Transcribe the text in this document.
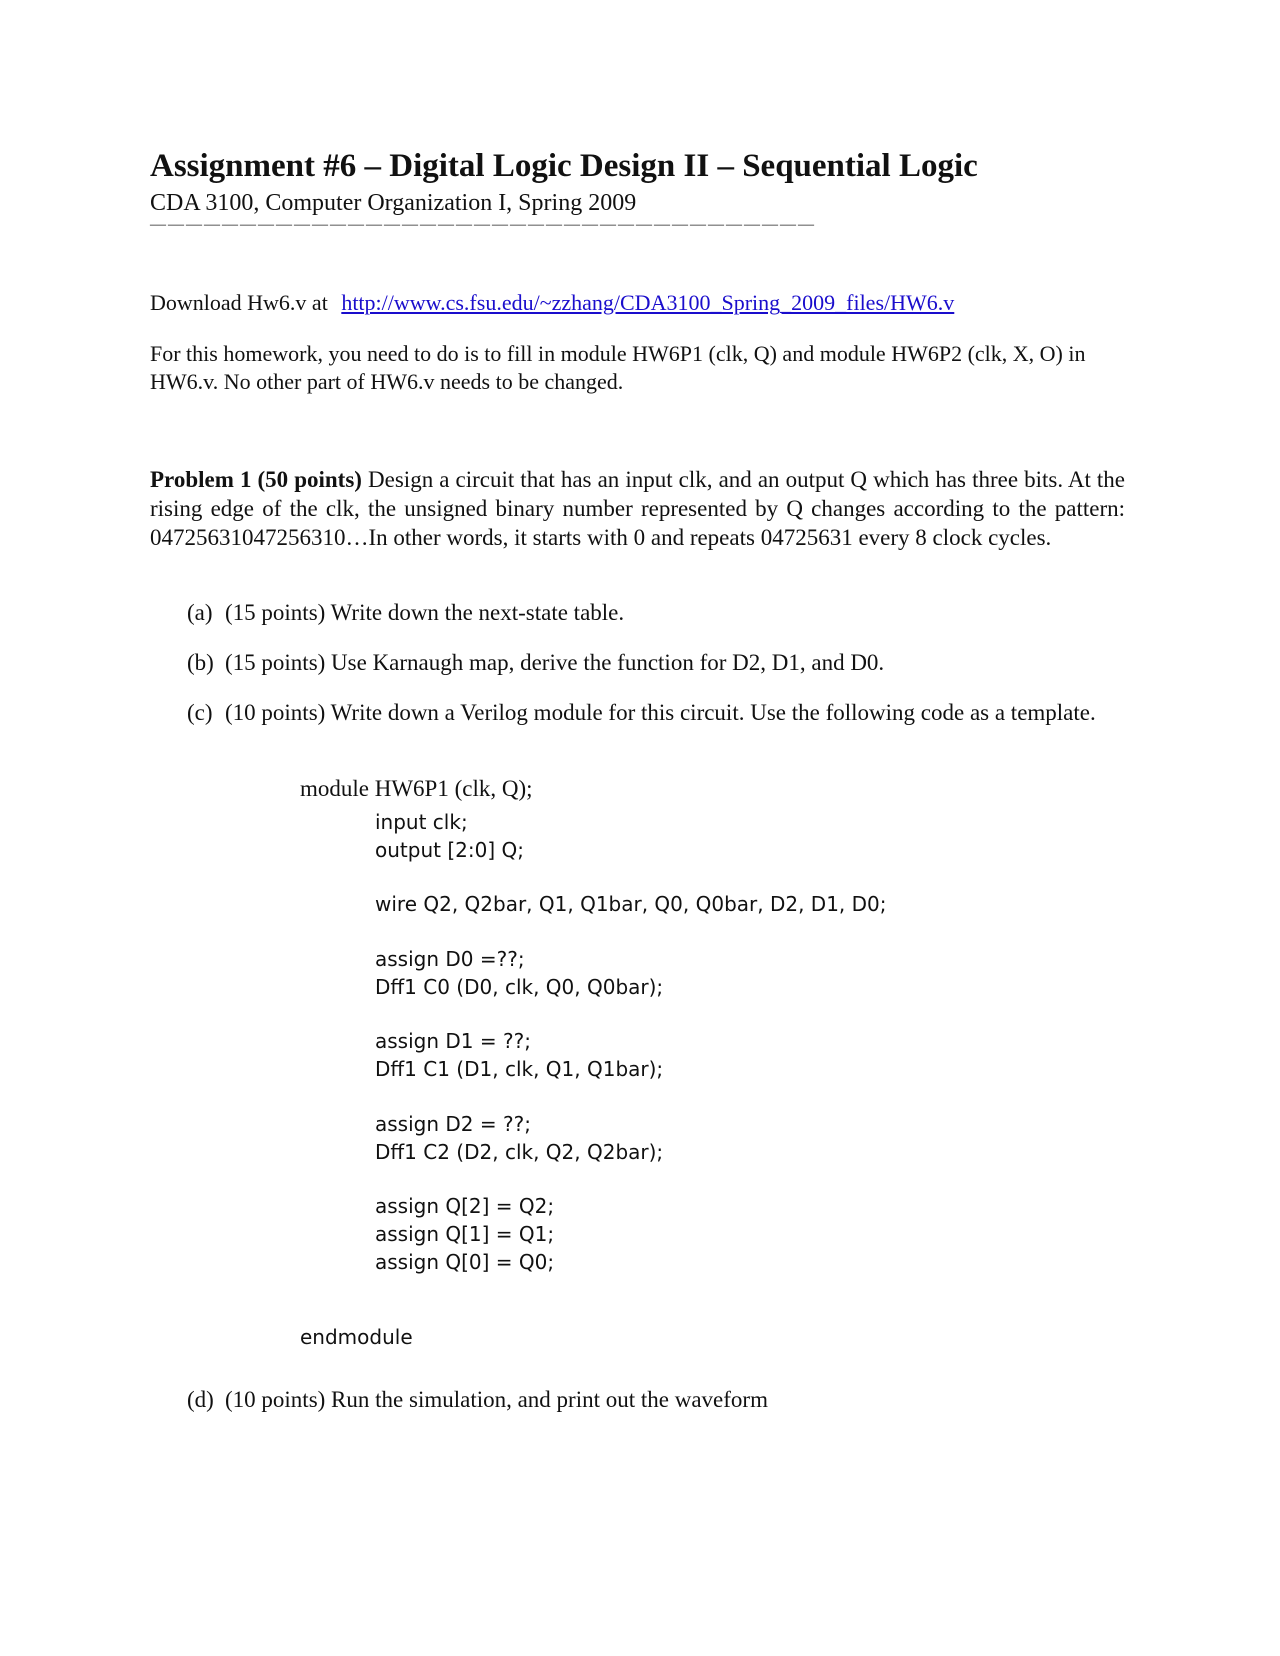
Assignment #6 – Digital Logic Design II – Sequential Logic
CDA 3100, Computer Organization I, Spring 2009
—————————————————————————————————————
Download Hw6.v at http://www.cs.fsu.edu/~zzhang/CDA3100_Spring_2009_files/HW6.v
For this homework, you need to do is to fill in module HW6P1 (clk, Q) and module HW6P2 (clk, X, O) in HW6.v. No other part of HW6.v needs to be changed.
Problem 1 (50 points) Design a circuit that has an input clk, and an output Q which has three bits. At the rising edge of the clk, the unsigned binary number represented by Q changes according to the pattern: 04725631047256310…In other words, it starts with 0 and repeats 04725631 every 8 clock cycles.
(a) (15 points) Write down the next-state table.
(b) (15 points) Use Karnaugh map, derive the function for D2, D1, and D0.
(c) (10 points) Write down a Verilog module for this circuit. Use the following code as a template.
module HW6P1 (clk, Q);
input clk;
output [2:0] Q;
wire Q2, Q2bar, Q1, Q1bar, Q0, Q0bar, D2, D1, D0;
assign D0 =??;
Dff1 C0 (D0, clk, Q0, Q0bar);
assign D1 = ??;
Dff1 C1 (D1, clk, Q1, Q1bar);
assign D2 = ??;
Dff1 C2 (D2, clk, Q2, Q2bar);
assign Q[2] = Q2;
assign Q[1] = Q1;
assign Q[0] = Q0;
endmodule
(d) (10 points) Run the simulation, and print out the waveform
